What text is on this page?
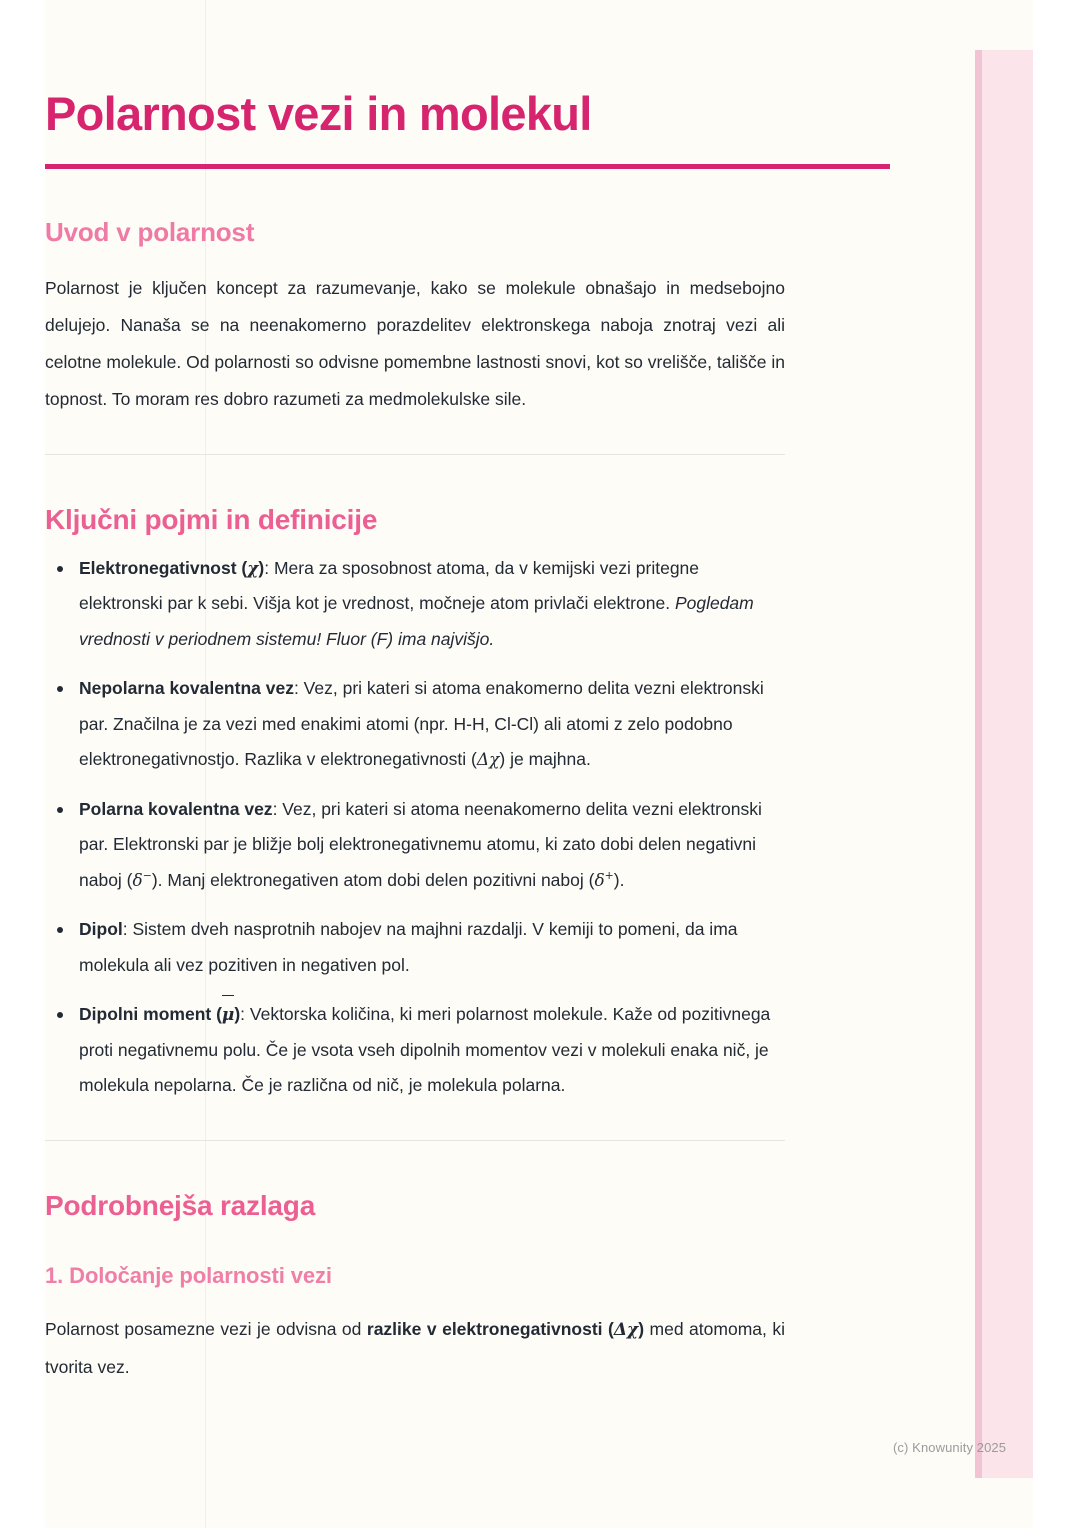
Polarnost vezi in molekul
Uvod v polarnost

Polarnost je ključen koncept za razumevanje, kako se molekule obnašajo in medsebojno delujejo. Nanaša se na neenakomerno porazdelitev elektronskega naboja znotraj vezi ali celotne molekule. Od polarnosti so odvisne pomembne lastnosti snovi, kot so vrelišče, tališče in topnost. To moram res dobro razumeti za medmolekulske sile.

Ključni pojmi in definicije
Elektronegativnost (χ): Mera za sposobnost atoma, da v kemijski vezi pritegne elektronski par k sebi. Višja kot je vrednost, močneje atom privlači elektrone. Pogledam vrednosti v periodnem sistemu! Fluor (F) ima najvišjo.
Nepolarna kovalentna vez: Vez, pri kateri si atoma enakomerno delita vezni elektronski par. Značilna je za vezi med enakimi atomi (npr. H-H, Cl-Cl) ali atomi z zelo podobno elektronegativnostjo. Razlika v elektronegativnosti (Δχ) je majhna.
Polarna kovalentna vez: Vez, pri kateri si atoma neenakomerno delita vezni elektronski par. Elektronski par je bližje bolj elektronegativnemu atomu, ki zato dobi delen negativni naboj (δ−). Manj elektronegativen atom dobi delen pozitivni naboj (δ+).
Dipol: Sistem dveh nasprotnih nabojev na majhni razdalji. V kemiji to pomeni, da ima molekula ali vez pozitiven in negativen pol.
Dipolni moment (μ): Vektorska količina, ki meri polarnost molekule. Kaže od pozitivnega proti negativnemu polu. Če je vsota vseh dipolnih momentov vezi v molekuli enaka nič, je molekula nepolarna. Če je različna od nič, je molekula polarna.
Podrobnejša razlaga
1. Določanje polarnosti vezi

Polarnost posamezne vezi je odvisna od razlike v elektronegativnosti (Δχ) med atomoma, ki tvorita vez.

(c) Knowunity 2025
